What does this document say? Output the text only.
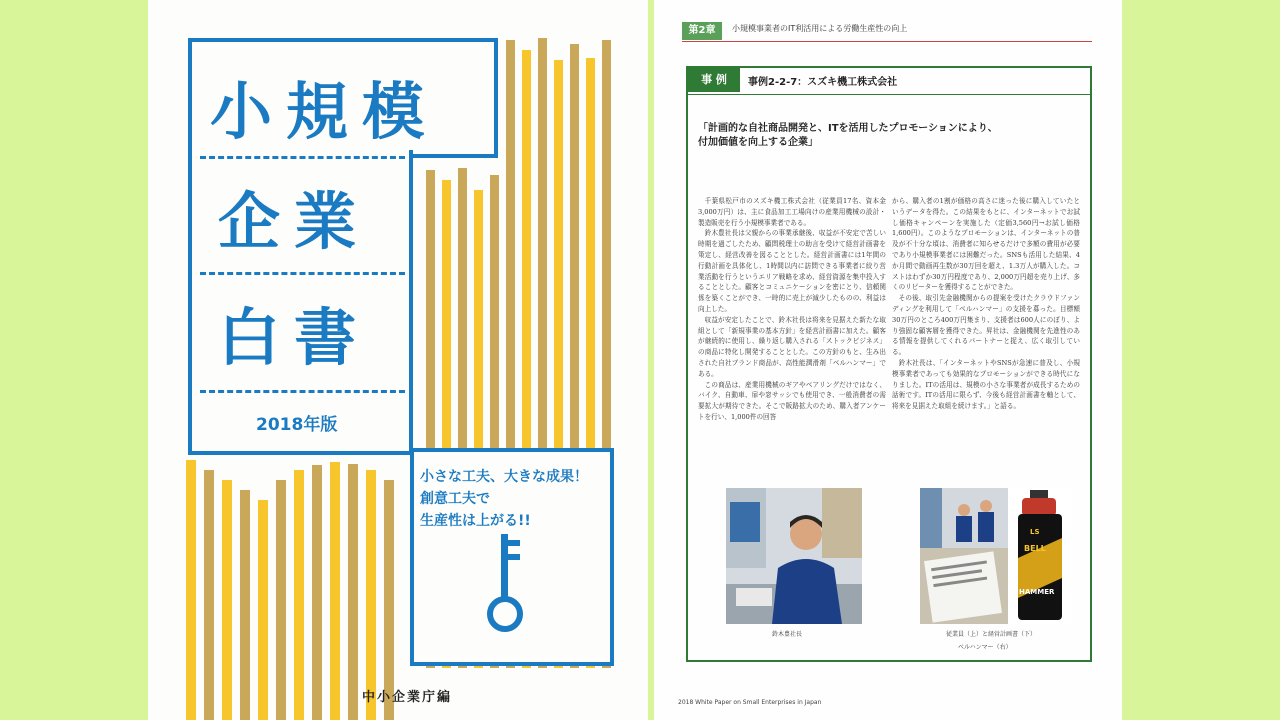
小規模
企業
白書
2018年版
小さな工夫、大きな成果！
創意工夫で
生産性は上がる!!
中小企業庁編
第2章	小規模事業者のIT利活用による労働生産性の向上
事 例	事例2-2-7：スズキ機工株式会社
「計画的な自社商品開発と、ITを活用したプロモーションにより、
付加価値を向上する企業」

千葉県松戸市のスズキ機工株式会社（従業員17名、資本金3,000万円）は、主に食品加工工場向けの産業用機械の設計・製造販売を行う小規模事業者である。

鈴木豊社長は父親からの事業承継後、収益が不安定で苦しい時期を過ごしたため、顧問税理士の助言を受けて経営計画書を策定し、経営改善を図ることとした。経営計画書には1年間の行動計画を具体化し、1時間以内に訪問できる事業者に絞り営業活動を行うというエリア戦略を求め、経営資源を集中投入することとした。顧客とコミュニケーションを密にとり、信頼関係を築くことができ、一時的に売上が減少したものの、利益は向上した。

収益が安定したことで、鈴木社長は将来を見据えた新たな取組として「新規事業の基本方針」を経営計画書に加えた。顧客が継続的に使用し、繰り返し購入される「ストックビジネス」の商品に特化し開発することとした。この方針のもと、生み出された自社ブランド商品が、高性能潤滑剤「ベルハンマー」である。

この商品は、産業用機械のギアやベアリングだけではなく、バイク、自動車、扉や窓サッシでも使用でき、一般消費者の需要拡大が期待できた。そこで販路拡大のため、購入者アンケートを行い、1,000件の回答

から、購入者の1割が価格の高さに迷った後に購入していたというデータを得た。この結果をもとに、インターネットでお試し価格キャンペーンを実施した（定価3,560円→お試し価格1,600円）。このようなプロモーションは、インターネットの普及が不十分な頃は、消費者に知らせるだけで多額の費用が必要であり小規模事業者には困難だった。SNSも活用した結果、4か月間で動画再生数が30万回を超え、1.3万人が購入した。コストはわずか30万円程度であり、2,000万円超を売り上げ、多くのリピーターを獲得することができた。

その後、取引先金融機関からの提案を受けたクラウドファンディングを利用して「ベルハンマー」の支援を募った。目標額30万円のところ400万円集まり、支援者は600人にのぼり、より強固な顧客層を獲得できた。昇社は、金融機関を先進性のある情報を提供してくれるパートナーと捉え、広く取引している。

鈴木社長は、「インターネットやSNSが急速に普及し、小規模事業者であっても効果的なプロモーションができる時代になりました。ITの活用は、規模の小さな事業者が成長するための話術です。ITの活用に限らず、今後も経営計画書を軸として、将来を見据えた取組を続けます。」と語る。

鈴木豊社長
LS
BELL
HAMMER
従業員（上）と経営計画書（下）
ベルハンマー（右）
2018 White Paper on Small Enterprises in Japan
